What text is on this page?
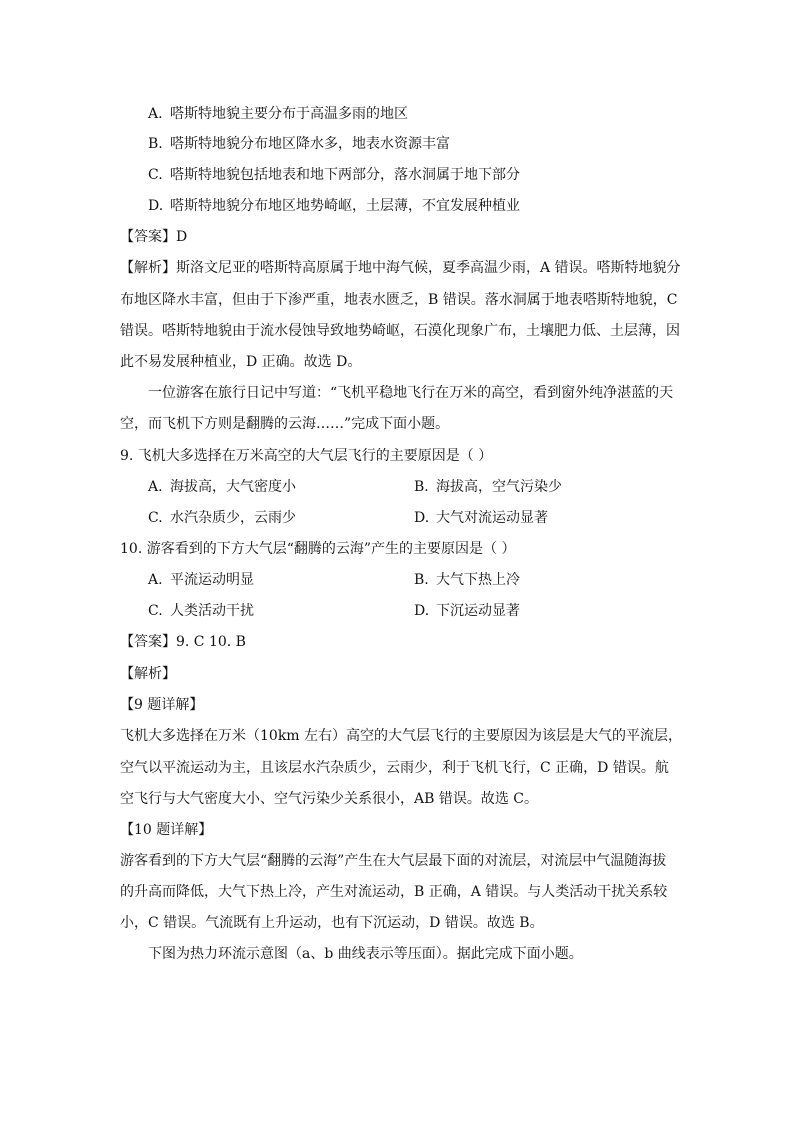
A. 嗒斯特地貌主要分布于高温多雨的地区
B. 嗒斯特地貌分布地区降水多，地表水资源丰富
C. 嗒斯特地貌包括地表和地下两部分，落水洞属于地下部分
D. 嗒斯特地貌分布地区地势崎岖，土层薄，不宜发展种植业
【答案】D
【解析】斯洛文尼亚的嗒斯特高原属于地中海气候，夏季高温少雨，A 错误。嗒斯特地貌分
布地区降水丰富，但由于下渗严重，地表水匮乏，B 错误。落水洞属于地表嗒斯特地貌，C
错误。嗒斯特地貌由于流水侵蚀导致地势崎岖，石漠化现象广布，土壤肥力低、土层薄，因
此不易发展种植业，D 正确。故选 D。
一位游客在旅行日记中写道：“飞机平稳地飞行在万米的高空，看到窗外纯净湛蓝的天
空，而飞机下方则是翻腾的云海……”完成下面小题。
9. 飞机大多选择在万米高空的大气层飞行的主要原因是（ ）
A. 海拔高，大气密度小	B. 海拔高，空气污染少
C. 水汽杂质少，云雨少	D. 大气对流运动显著
10. 游客看到的下方大气层“翻腾的云海”产生的主要原因是（ ）
A. 平流运动明显	B. 大气下热上冷
C. 人类活动干扰	D. 下沉运动显著
【答案】9. C 10. B
【解析】
【9 题详解】
飞机大多选择在万米（10km 左右）高空的大气层飞行的主要原因为该层是大气的平流层，
空气以平流运动为主，且该层水汽杂质少，云雨少，利于飞机飞行，C 正确，D 错误。航
空飞行与大气密度大小、空气污染少关系很小，AB 错误。故选 C。
【10 题详解】
游客看到的下方大气层“翻腾的云海”产生在大气层最下面的对流层，对流层中气温随海拔
的升高而降低，大气下热上冷，产生对流运动，B 正确，A 错误。与人类活动干扰关系较
小，C 错误。气流既有上升运动，也有下沉运动，D 错误。故选 B。
下图为热力环流示意图（a、b 曲线表示等压面）。据此完成下面小题。
